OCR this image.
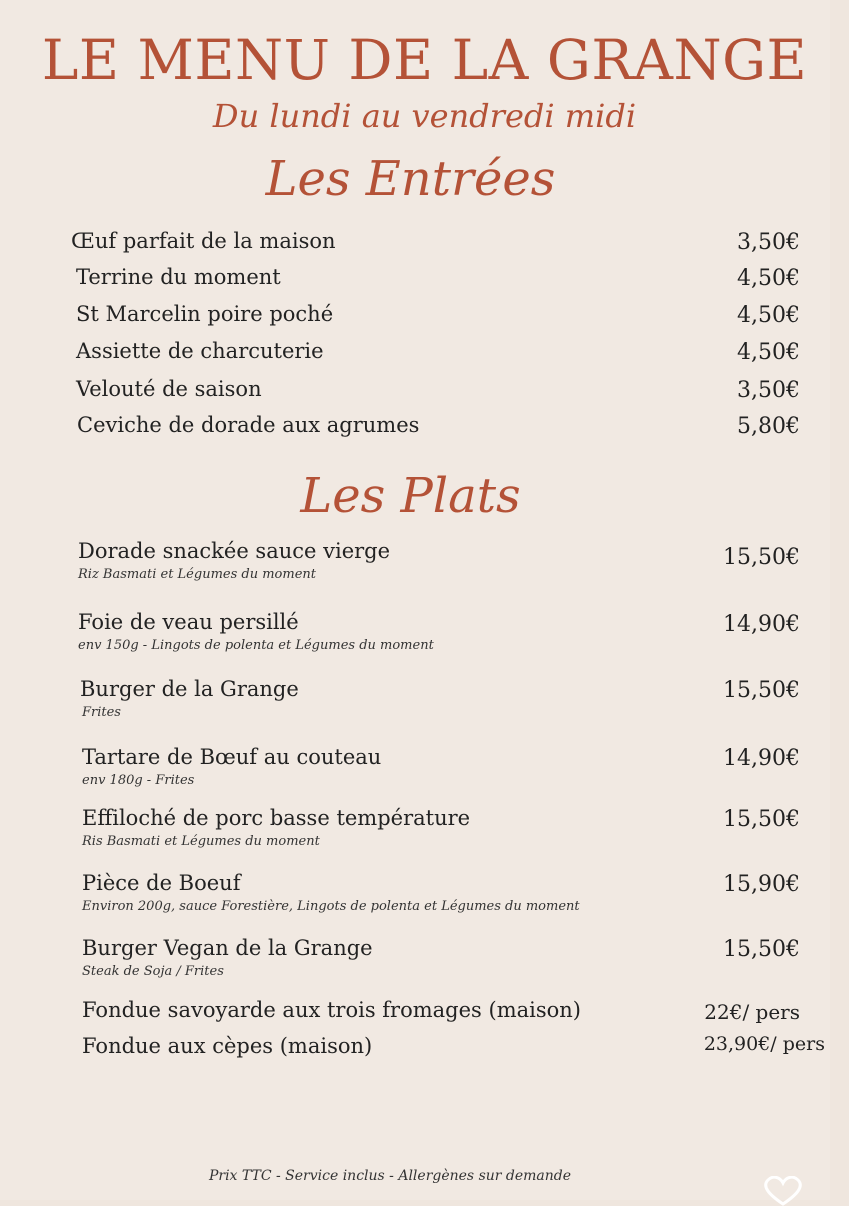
LE MENU DE LA GRANGE
Du lundi au vendredi midi
Les Entrées
Œuf parfait de la maison	3,50€
Terrine du moment	4,50€
St Marcelin poire poché	4,50€
Assiette de charcuterie	4,50€
Velouté de saison	3,50€
Ceviche de dorade aux agrumes	5,80€
Les Plats
Dorade snackée sauce vierge
Riz Basmati et Légumes du moment
15,50€
Foie de veau persillé
env 150g - Lingots de polenta et Légumes du moment
14,90€
Burger de la Grange
Frites
15,50€
Tartare de Bœuf au couteau
env 180g - Frites
14,90€
Effiloché de porc basse température
Ris Basmati et Légumes du moment
15,50€
Pièce de Boeuf
Environ 200g, sauce Forestière, Lingots de polenta et Légumes du moment
15,90€
Burger Vegan de la Grange
Steak de Soja / Frites
15,50€
Fondue savoyarde aux trois fromages (maison)	22€/ pers
Fondue aux cèpes (maison)	23,90€/ pers
Prix TTC - Service inclus - Allergènes sur demande
